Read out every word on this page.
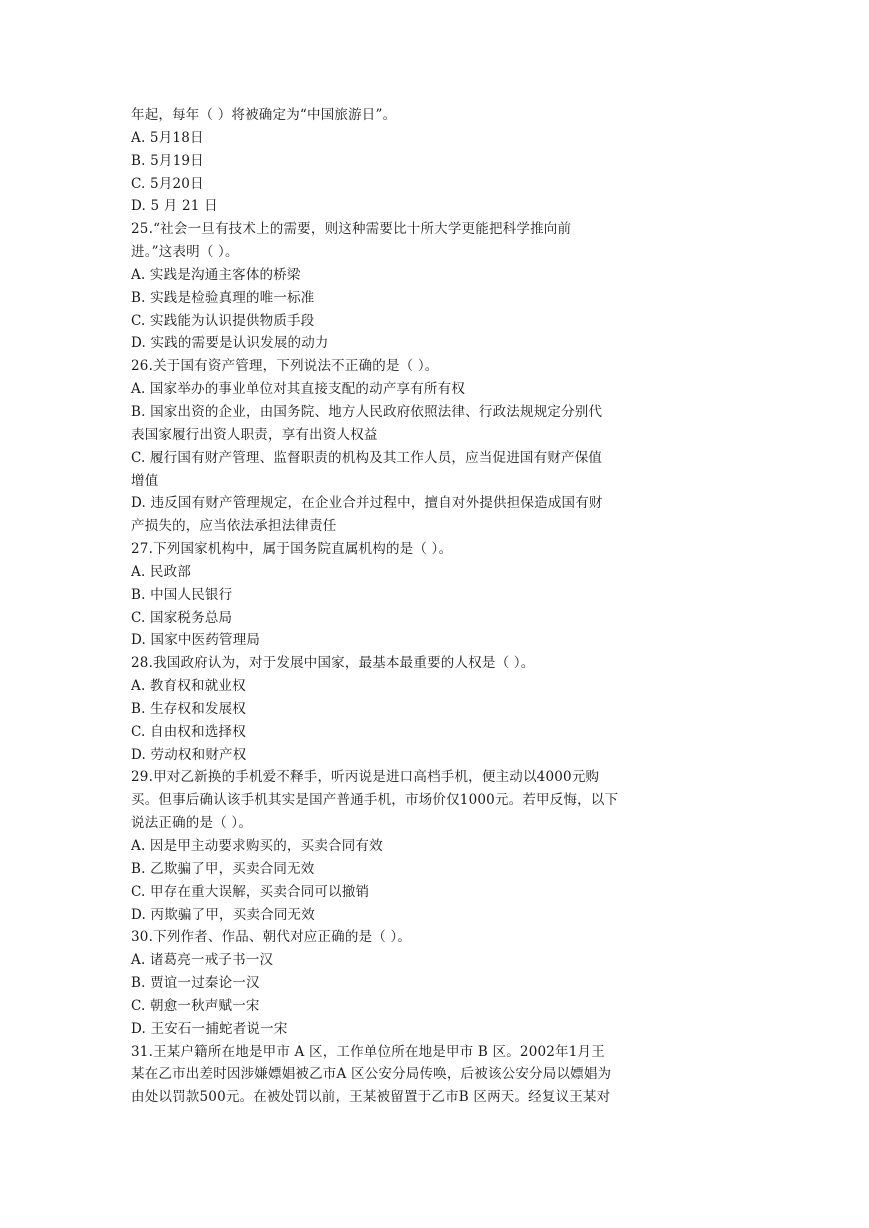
年起，每年（ ）将被确定为“中国旅游日”。
A. 5月18日
B. 5月19日
C. 5月20日
D. 5 月 21 日
25.“社会一旦有技术上的需要，则这种需要比十所大学更能把科学推向前
进。”这表明（ ）。
A. 实践是沟通主客体的桥梁
B. 实践是检验真理的唯一标准
C. 实践能为认识提供物质手段
D. 实践的需要是认识发展的动力
26.关于国有资产管理，下列说法不正确的是（ ）。
A. 国家举办的事业单位对其直接支配的动产享有所有权
B. 国家出资的企业，由国务院、地方人民政府依照法律、行政法规规定分别代
表国家履行出资人职责，享有出资人权益
C. 履行国有财产管理、监督职责的机构及其工作人员，应当促进国有财产保值
增值
D. 违反国有财产管理规定，在企业合并过程中，擅自对外提供担保造成国有财
产损失的，应当依法承担法律责任
27.下列国家机构中，属于国务院直属机构的是（ ）。
A. 民政部
B. 中国人民银行
C. 国家税务总局
D. 国家中医药管理局
28.我国政府认为，对于发展中国家，最基本最重要的人权是（ ）。
A. 教育权和就业权
B. 生存权和发展权
C. 自由权和选择权
D. 劳动权和财产权
29.甲对乙新换的手机爱不释手，听丙说是进口高档手机，便主动以4000元购
买。但事后确认该手机其实是国产普通手机，市场价仅1000元。若甲反悔，以下
说法正确的是（ ）。
A. 因是甲主动要求购买的，买卖合同有效
B. 乙欺骗了甲，买卖合同无效
C. 甲存在重大误解，买卖合同可以撤销
D. 丙欺骗了甲，买卖合同无效
30.下列作者、作品、朝代对应正确的是（ ）。
A. 诸葛亮一戒子书一汉
B. 贾谊一过秦论一汉
C. 朝愈一秋声赋一宋
D. 王安石一捕蛇者说一宋
31.王某户籍所在地是甲市 A 区，工作单位所在地是甲市 B 区。2002年1月王
某在乙市出差时因涉嫌嫖娼被乙市A 区公安分局传唤，后被该公安分局以嫖娼为
由处以罚款500元。在被处罚以前，王某被留置于乙市B 区两天。经复议王某对
